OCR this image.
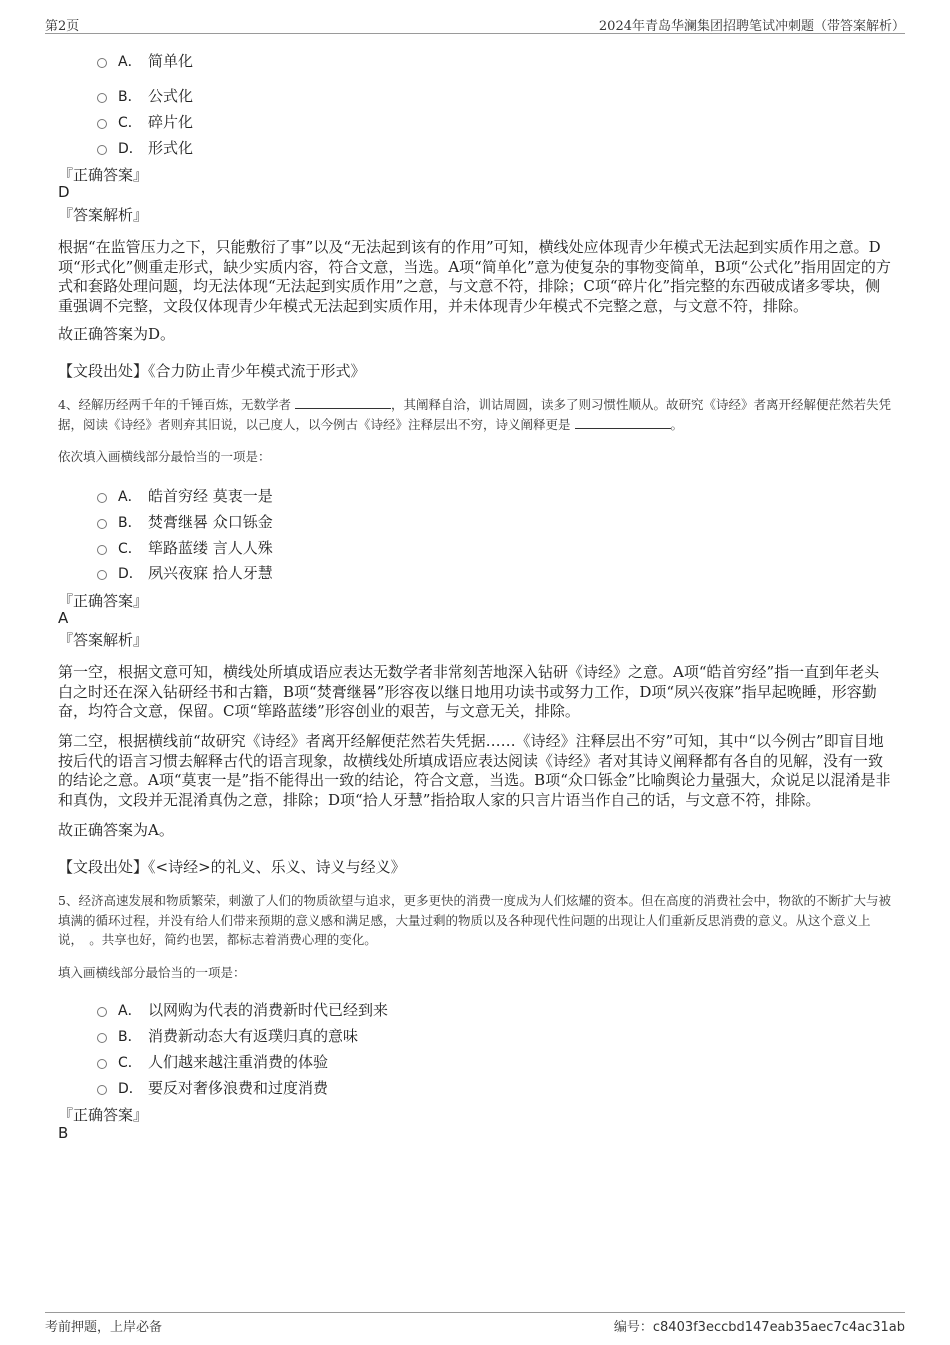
第2页	2024年青岛华澜集团招聘笔试冲刺题（带答案解析）
A． 简单化
B． 公式化
C． 碎片化
D． 形式化
『正确答案』
D
『答案解析』
根据“在监管压力之下，只能敷衍了事”以及“无法起到该有的作用”可知，横线处应体现青少年模式无法起到实质作用之意。D项“形式化”侧重走形式，缺少实质内容，符合文意，当选。A项“简单化”意为使复杂的事物变简单，B项“公式化”指用固定的方式和套路处理问题，均无法体现“无法起到实质作用”之意，与文意不符，排除；C项“碎片化”指完整的东西破成诸多零块，侧重强调不完整，文段仅体现青少年模式无法起到实质作用，并未体现青少年模式不完整之意，与文意不符，排除。
故正确答案为D。
【文段出处】《合力防止青少年模式流于形式》
4、经解历经两千年的千锤百炼，无数学者	，其阐释自洽，训诂周圆，读多了则习惯性顺从。故研究《诗经》者离开经解便茫然若失凭据，阅读《诗经》者则弃其旧说，以己度人，以今例古《诗经》注释层出不穷，诗义阐释更是	。
依次填入画横线部分最恰当的一项是：
A． 皓首穷经 莫衷一是
B． 焚膏继晷 众口铄金
C． 筚路蓝缕 言人人殊
D． 夙兴夜寐 拾人牙慧
『正确答案』
A
『答案解析』
第一空，根据文意可知，横线处所填成语应表达无数学者非常刻苦地深入钻研《诗经》之意。A项“皓首穷经”指一直到年老头白之时还在深入钻研经书和古籍，B项“焚膏继晷”形容夜以继日地用功读书或努力工作，D项“夙兴夜寐”指早起晚睡，形容勤奋，均符合文意，保留。C项“筚路蓝缕”形容创业的艰苦，与文意无关，排除。
第二空，根据横线前“故研究《诗经》者离开经解便茫然若失凭据……《诗经》注释层出不穷”可知，其中“以今例古”即盲目地按后代的语言习惯去解释古代的语言现象，故横线处所填成语应表达阅读《诗经》者对其诗义阐释都有各自的见解，没有一致的结论之意。A项“莫衷一是”指不能得出一致的结论，符合文意，当选。B项“众口铄金”比喻舆论力量强大，众说足以混淆是非和真伪，文段并无混淆真伪之意，排除；D项“拾人牙慧”指拾取人家的只言片语当作自己的话，与文意不符，排除。
故正确答案为A。
【文段出处】《<诗经>的礼义、乐义、诗义与经义》
5、经济高速发展和物质繁荣，刺激了人们的物质欲望与追求，更多更快的消费一度成为人们炫耀的资本。但在高度的消费社会中，物欲的不断扩大与被填满的循环过程，并没有给人们带来预期的意义感和满足感，大量过剩的物质以及各种现代性问题的出现让人们重新反思消费的意义。从这个意义上说，　。共享也好，简约也罢，都标志着消费心理的变化。
填入画横线部分最恰当的一项是：
A． 以网购为代表的消费新时代已经到来
B． 消费新动态大有返璞归真的意味
C． 人们越来越注重消费的体验
D． 要反对奢侈浪费和过度消费
『正确答案』
B
考前押题，上岸必备	编号：c8403f3eccbd147eab35aec7c4ac31ab
